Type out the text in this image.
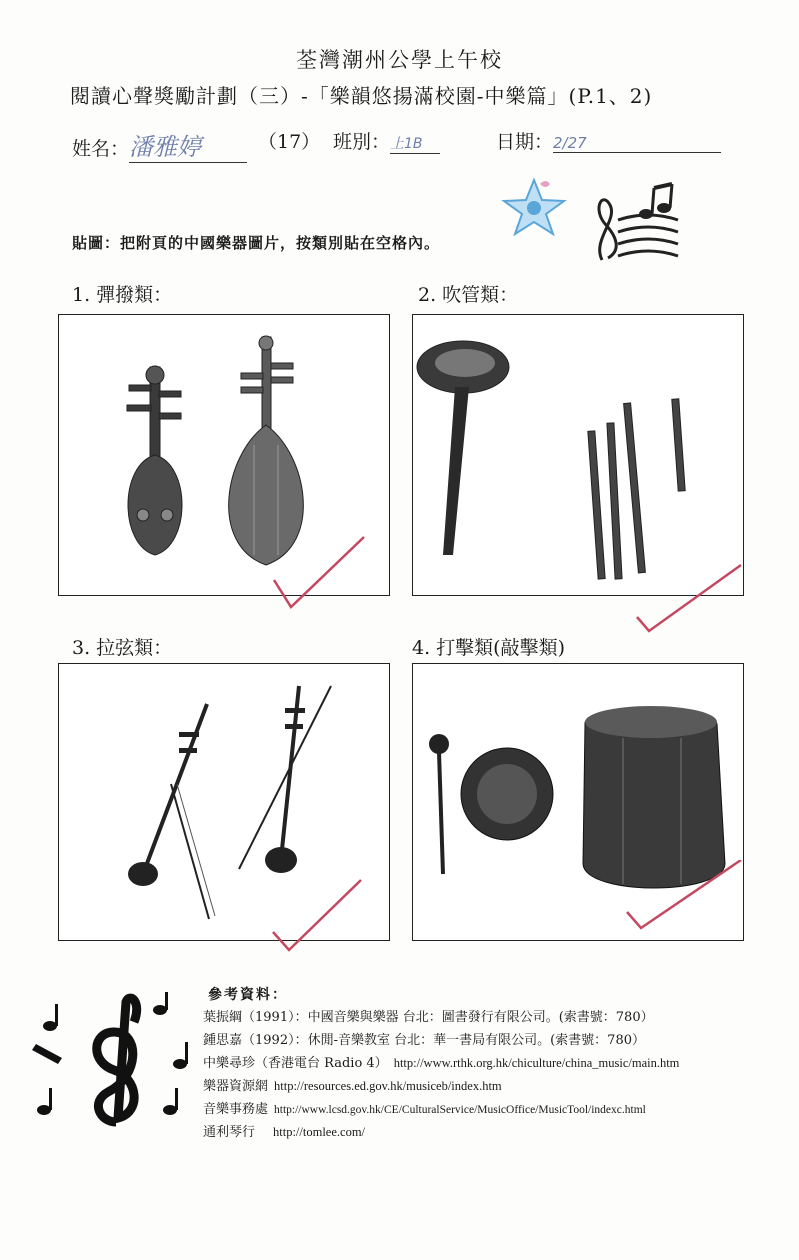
荃灣潮州公學上午校
閱讀心聲獎勵計劃（三）-「樂韻悠揚滿校園-中樂篇」(P.1、2)
姓名：潘雅婷	（17） 班別：上1B	日期：2/27
貼圖：把附頁的中國樂器圖片，按類別貼在空格內。
1. 彈撥類：	2. 吹管類：
3. 拉弦類：	4. 打擊類(敲擊類)
參考資料：
葉振綱（1991）：中國音樂與樂器 台北：圖書發行有限公司。(索書號：780）
鍾思嘉（1992）：休閒-音樂教室 台北：華一書局有限公司。(索書號：780）
中樂尋珍（香港電台 Radio 4） http://www.rthk.org.hk/chiculture/china_music/main.htm
樂器資源網 http://resources.ed.gov.hk/musiceb/index.htm
音樂事務處 http://www.lcsd.gov.hk/CE/CulturalService/MusicOffice/MusicTool/indexc.html
通利琴行 http://tomlee.com/
